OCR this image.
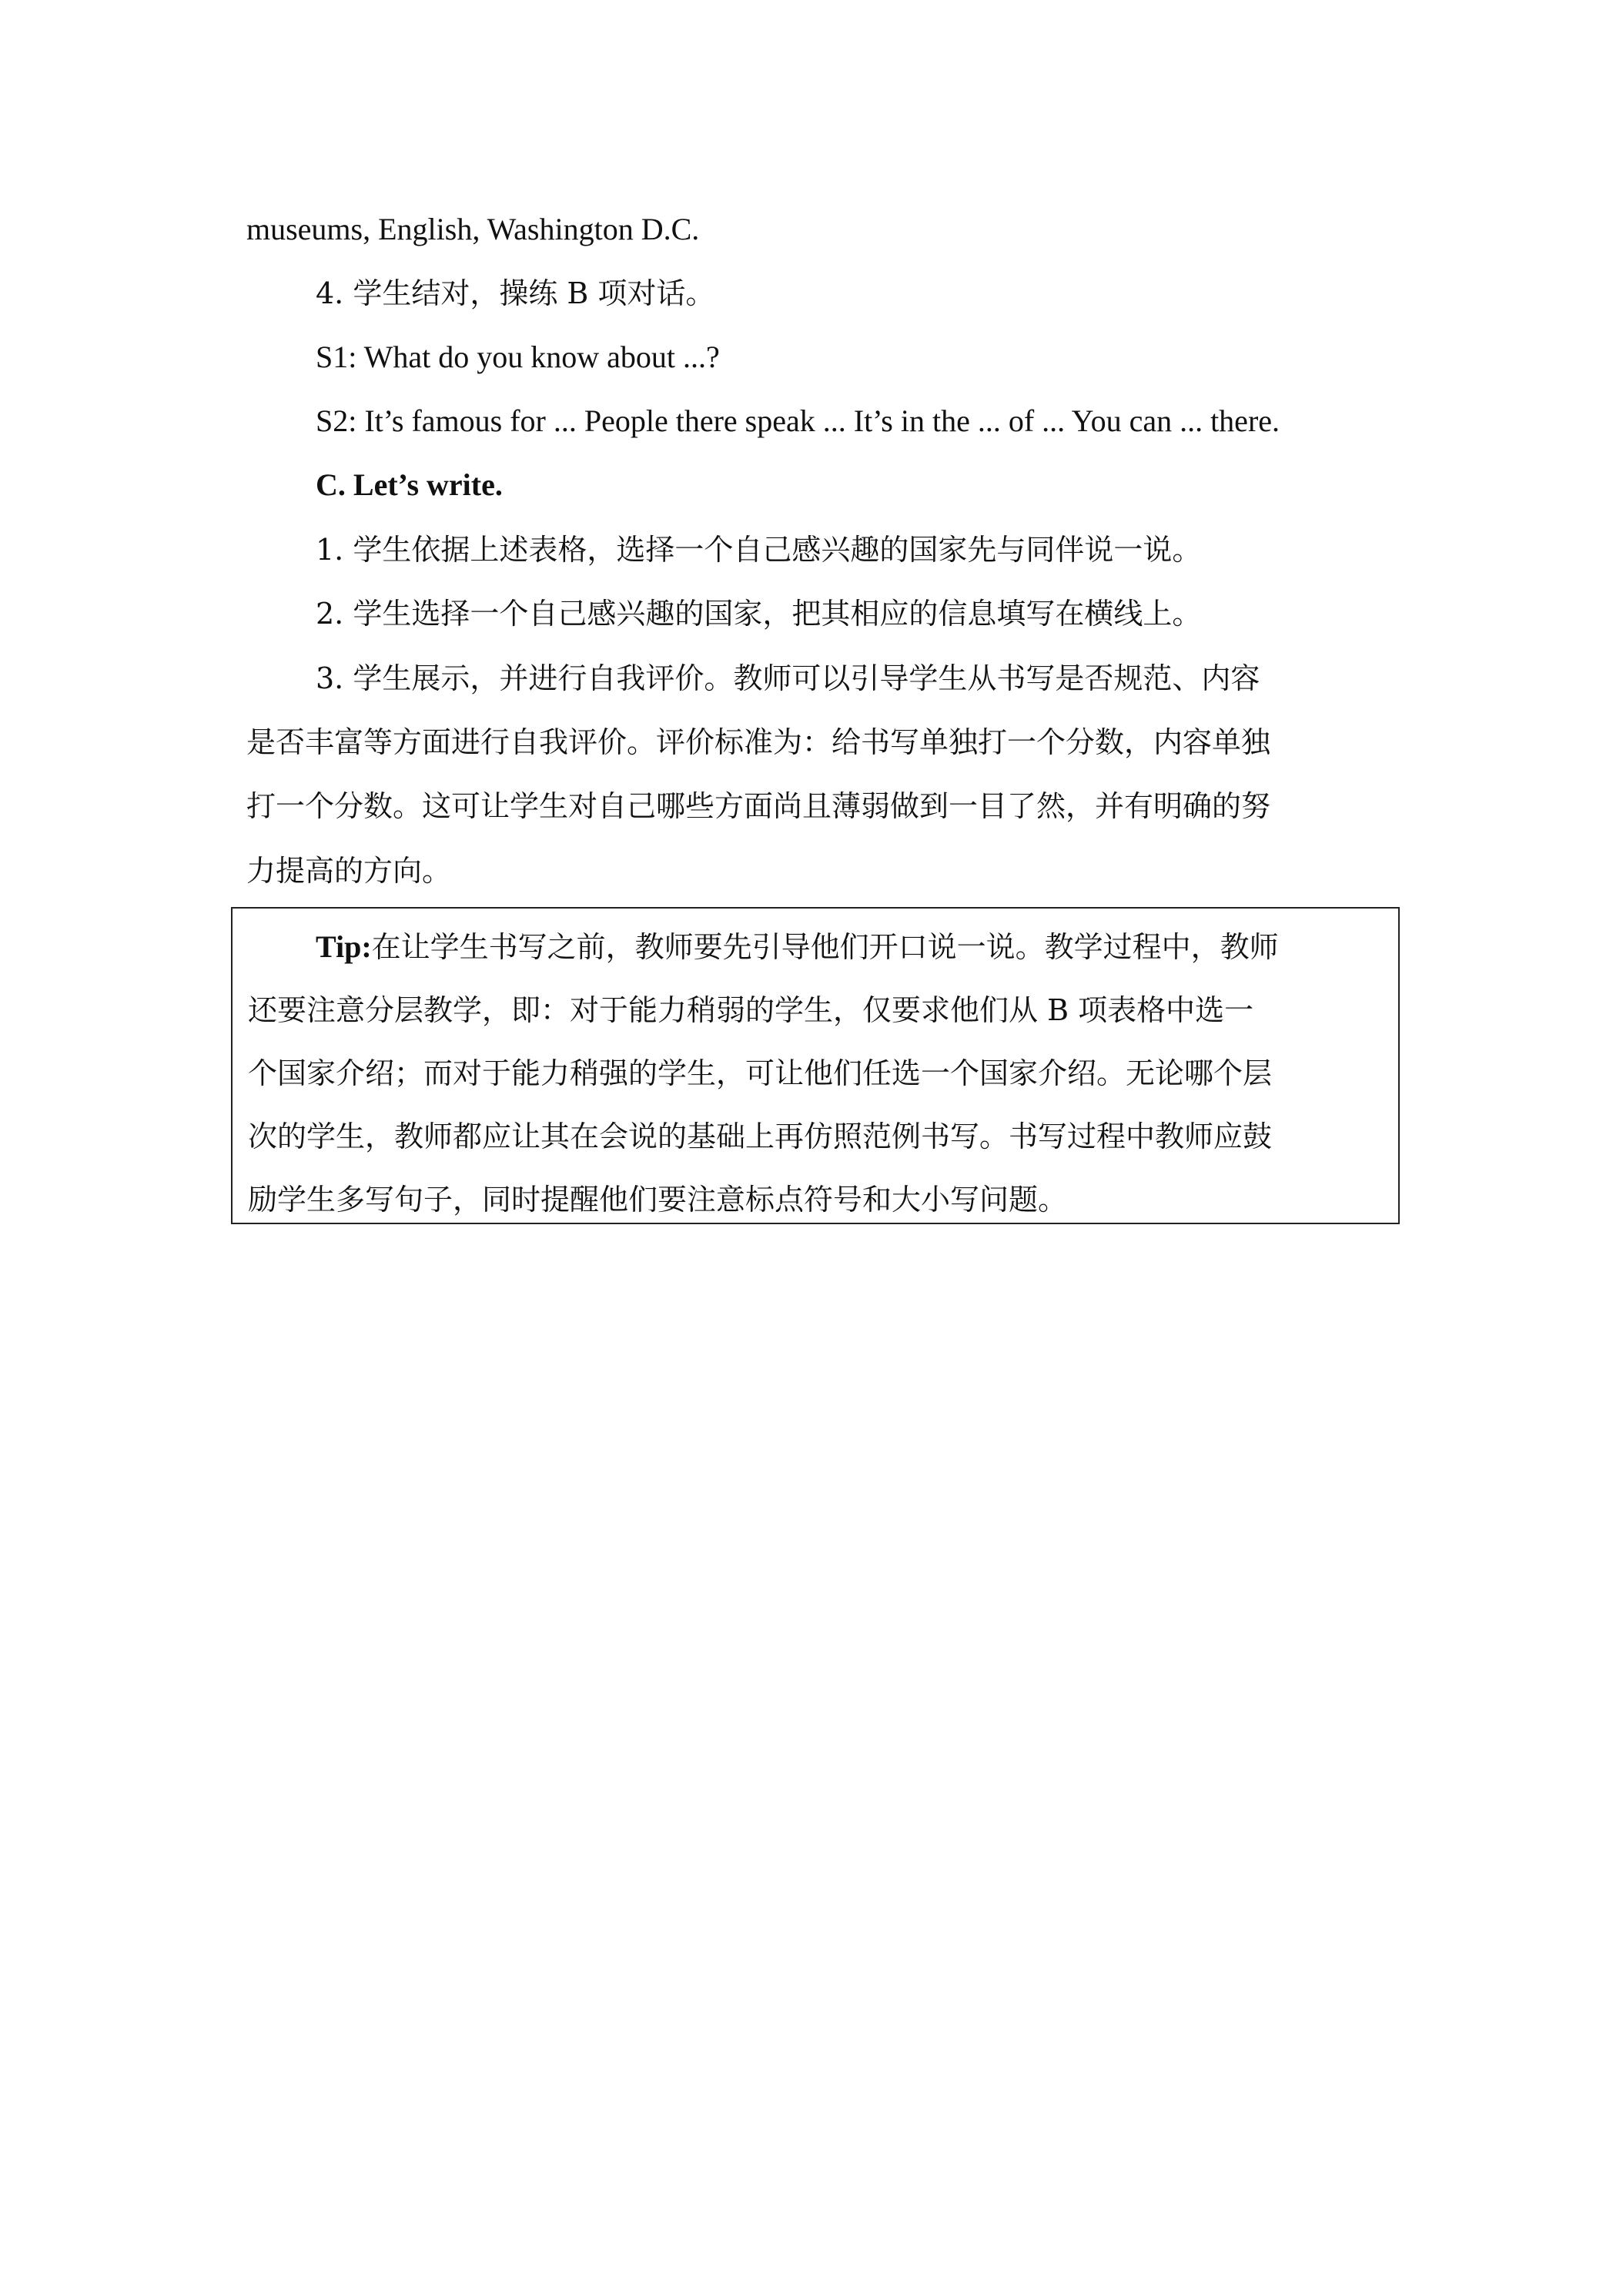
museums, English, Washington D.C.
4. 学生结对，操练 B 项对话。
S1: What do you know about ...?
S2: It’s famous for ... People there speak ... It’s in the ... of ... You can ... there.
C. Let’s write.
1. 学生依据上述表格，选择一个自己感兴趣的国家先与同伴说一说。
2. 学生选择一个自己感兴趣的国家，把其相应的信息填写在横线上。
3. 学生展示，并进行自我评价。教师可以引导学生从书写是否规范、内容
是否丰富等方面进行自我评价。评价标准为：给书写单独打一个分数，内容单独
打一个分数。这可让学生对自己哪些方面尚且薄弱做到一目了然，并有明确的努
力提高的方向。
Tip:在让学生书写之前，教师要先引导他们开口说一说。教学过程中，教师
还要注意分层教学，即：对于能力稍弱的学生，仅要求他们从 B 项表格中选一
个国家介绍；而对于能力稍强的学生，可让他们任选一个国家介绍。无论哪个层
次的学生，教师都应让其在会说的基础上再仿照范例书写。书写过程中教师应鼓
励学生多写句子，同时提醒他们要注意标点符号和大小写问题。
